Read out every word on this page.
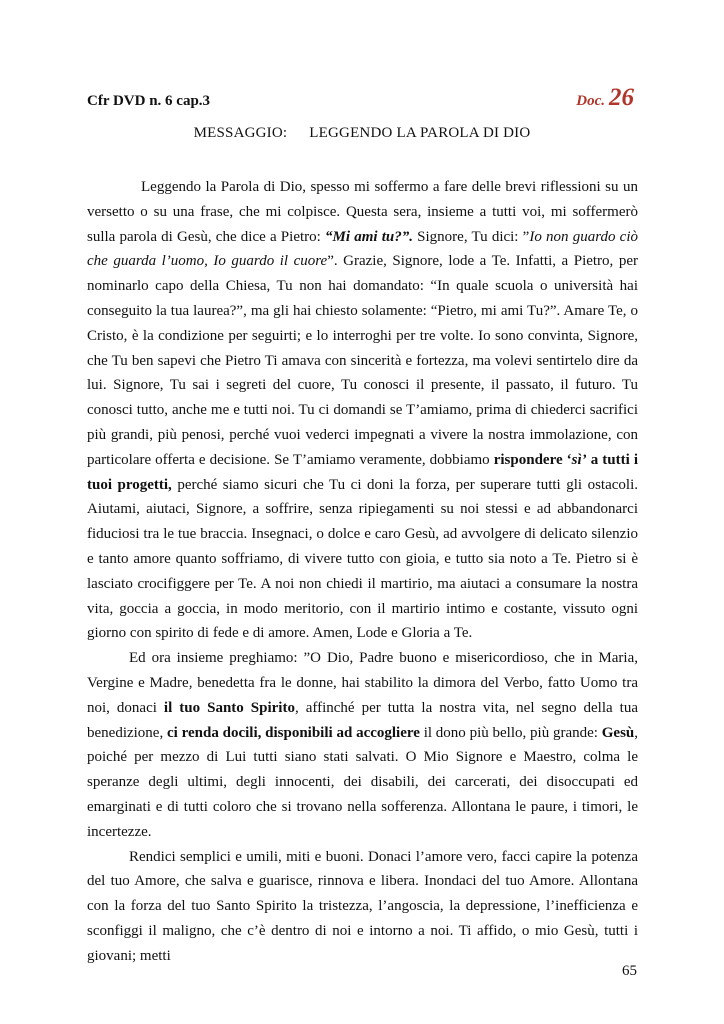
Cfr DVD n. 6 cap.3	Doc. 26
MESSAGGIO: LEGGENDO LA PAROLA DI DIO

Leggendo la Parola di Dio, spesso mi soffermo a fare delle brevi riflessioni su un versetto o su una frase, che mi colpisce. Questa sera, insieme a tutti voi, mi soffermerò sulla parola di Gesù, che dice a Pietro: “Mi ami tu?”. Signore, Tu dici: ”Io non guardo ciò che guarda l’uomo, Io guardo il cuore”. Grazie, Signore, lode a Te. Infatti, a Pietro, per nominarlo capo della Chiesa, Tu non hai domandato: “In quale scuola o università hai conseguito la tua laurea?”, ma gli hai chiesto solamente: “Pietro, mi ami Tu?”. Amare Te, o Cristo, è la condizione per seguirti; e lo interroghi per tre volte. Io sono convinta, Signore, che Tu ben sapevi che Pietro Ti amava con sincerità e fortezza, ma volevi sentirtelo dire da lui. Signore, Tu sai i segreti del cuore, Tu conosci il presente, il passato, il futuro. Tu conosci tutto, anche me e tutti noi. Tu ci domandi se T’amiamo, prima di chiederci sacrifici più grandi, più penosi, perché vuoi vederci impegnati a vivere la nostra immolazione, con particolare offerta e decisione. Se T’amiamo veramente, dobbiamo rispondere ‘sì’ a tutti i tuoi progetti, perché siamo sicuri che Tu ci doni la forza, per superare tutti gli ostacoli. Aiutami, aiutaci, Signore, a soffrire, senza ripiegamenti su noi stessi e ad abbandonarci fiduciosi tra le tue braccia. Insegnaci, o dolce e caro Gesù, ad avvolgere di delicato silenzio e tanto amore quanto soffriamo, di vivere tutto con gioia, e tutto sia noto a Te. Pietro si è lasciato crocifiggere per Te. A noi non chiedi il martirio, ma aiutaci a consumare la nostra vita, goccia a goccia, in modo meritorio, con il martirio intimo e costante, vissuto ogni giorno con spirito di fede e di amore. Amen, Lode e Gloria a Te.

Ed ora insieme preghiamo: ”O Dio, Padre buono e misericordioso, che in Maria, Vergine e Madre, benedetta fra le donne, hai stabilito la dimora del Verbo, fatto Uomo tra noi, donaci il tuo Santo Spirito, affinché per tutta la nostra vita, nel segno della tua benedizione, ci renda docili, disponibili ad accogliere il dono più bello, più grande: Gesù, poiché per mezzo di Lui tutti siano stati salvati. O Mio Signore e Maestro, colma le speranze degli ultimi, degli innocenti, dei disabili, dei carcerati, dei disoccupati ed emarginati e di tutti coloro che si trovano nella sofferenza. Allontana le paure, i timori, le incertezze.

Rendici semplici e umili, miti e buoni. Donaci l’amore vero, facci capire la potenza del tuo Amore, che salva e guarisce, rinnova e libera. Inondaci del tuo Amore. Allontana con la forza del tuo Santo Spirito la tristezza, l’angoscia, la depressione, l’inefficienza e sconfiggi il maligno, che c’è dentro di noi e intorno a noi. Ti affido, o mio Gesù, tutti i giovani; metti

65
